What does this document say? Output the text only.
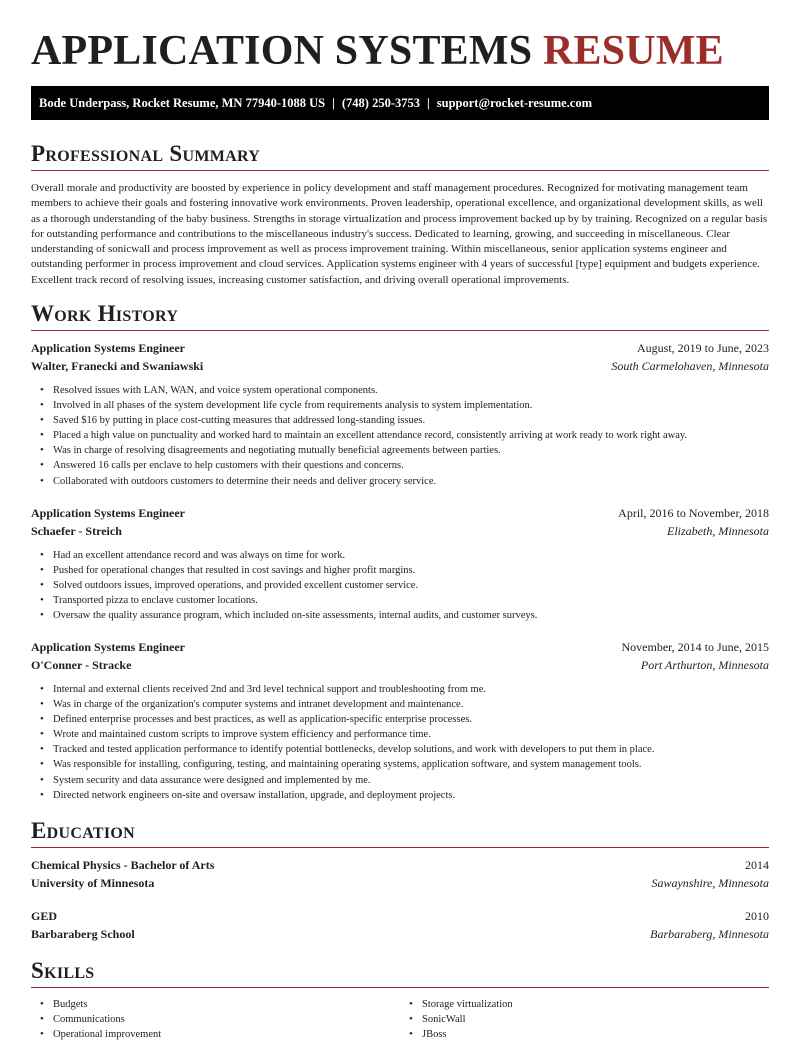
APPLICATION SYSTEMS RESUME
Bode Underpass, Rocket Resume, MN 77940-1088 US | (748) 250-3753 | support@rocket-resume.com
Professional Summary

Overall morale and productivity are boosted by experience in policy development and staff management procedures. Recognized for motivating management team members to achieve their goals and fostering innovative work environments. Proven leadership, operational excellence, and organizational development skills, as well as a thorough understanding of the baby business. Strengths in storage virtualization and process improvement backed up by by training. Recognized on a regular basis for outstanding performance and contributions to the miscellaneous industry's success. Dedicated to learning, growing, and succeeding in miscellaneous. Clear understanding of sonicwall and process improvement as well as process improvement training. Within miscellaneous, senior application systems engineer and outstanding performer in process improvement and cloud services. Application systems engineer with 4 years of successful [type] equipment and budgets experience. Excellent track record of resolving issues, increasing customer satisfaction, and driving overall operational improvements.

Work History
Application Systems Engineer	August, 2019 to June, 2023
Walter, Franecki and Swaniawski	South Carmelohaven, Minnesota
• Resolved issues with LAN, WAN, and voice system operational components.
• Involved in all phases of the system development life cycle from requirements analysis to system implementation.
• Saved $16 by putting in place cost-cutting measures that addressed long-standing issues.
• Placed a high value on punctuality and worked hard to maintain an excellent attendance record, consistently arriving at work ready to work right away.
• Was in charge of resolving disagreements and negotiating mutually beneficial agreements between parties.
• Answered 16 calls per enclave to help customers with their questions and concerns.
• Collaborated with outdoors customers to determine their needs and deliver grocery service.
Application Systems Engineer	April, 2016 to November, 2018
Schaefer - Streich	Elizabeth, Minnesota
• Had an excellent attendance record and was always on time for work.
• Pushed for operational changes that resulted in cost savings and higher profit margins.
• Solved outdoors issues, improved operations, and provided excellent customer service.
• Transported pizza to enclave customer locations.
• Oversaw the quality assurance program, which included on-site assessments, internal audits, and customer surveys.
Application Systems Engineer	November, 2014 to June, 2015
O'Conner - Stracke	Port Arthurton, Minnesota
• Internal and external clients received 2nd and 3rd level technical support and troubleshooting from me.
• Was in charge of the organization's computer systems and intranet development and maintenance.
• Defined enterprise processes and best practices, as well as application-specific enterprise processes.
• Wrote and maintained custom scripts to improve system efficiency and performance time.
• Tracked and tested application performance to identify potential bottlenecks, develop solutions, and work with developers to put them in place.
• Was responsible for installing, configuring, testing, and maintaining operating systems, application software, and system management tools.
• System security and data assurance were designed and implemented by me.
• Directed network engineers on-site and oversaw installation, upgrade, and deployment projects.
Education
Chemical Physics - Bachelor of Arts	2014
University of Minnesota	Sawaynshire, Minnesota
GED	2010
Barbaraberg School	Barbaraberg, Minnesota
Skills
• Budgets
• Communications
• Operational improvement
• Storage virtualization
• SonicWall
• JBoss
